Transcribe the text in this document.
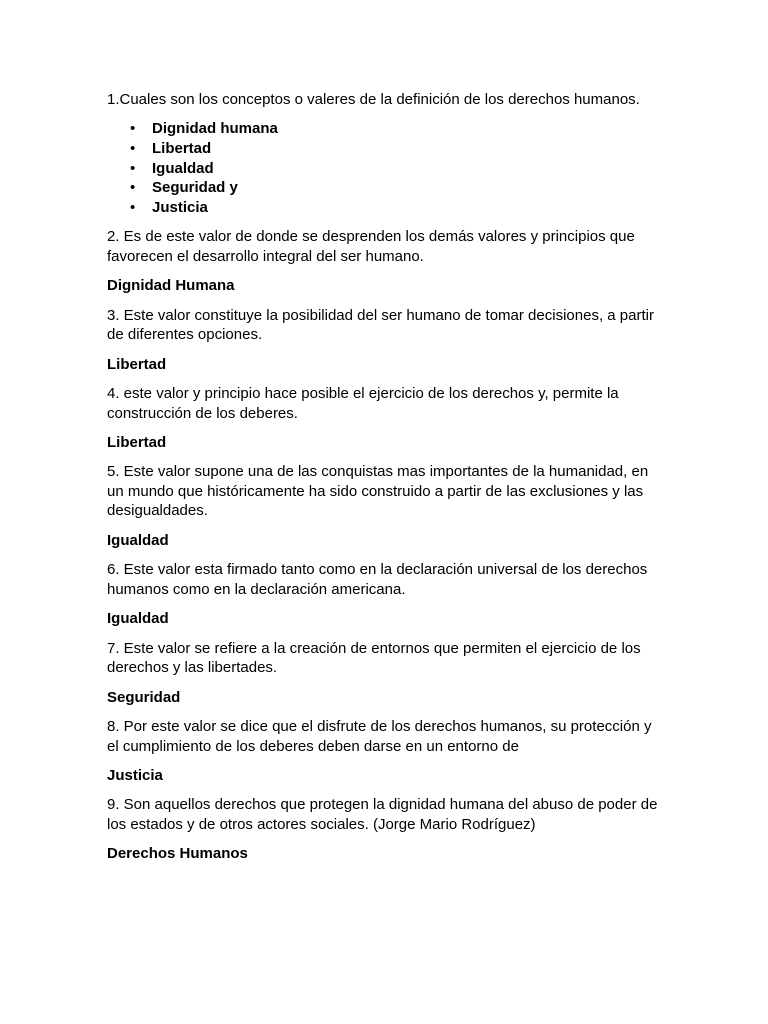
1.Cuales son los conceptos o valeres de la definición de los derechos humanos.

• Dignidad humana
• Libertad
• Igualdad
• Seguridad y
• Justicia

2. Es de este valor de donde se desprenden los demás valores y principios que favorecen el desarrollo integral del ser humano.

Dignidad Humana

3. Este valor constituye la posibilidad del ser humano de tomar decisiones, a partir de diferentes opciones.

Libertad

4. este valor y principio hace posible el ejercicio de los derechos y, permite la construcción de los deberes.

Libertad

5. Este valor supone una de las conquistas mas importantes de la humanidad, en un mundo que históricamente ha sido construido a partir de las exclusiones y las desigualdades.

Igualdad

6. Este valor esta firmado tanto como en la declaración universal de los derechos humanos como en la declaración americana.

Igualdad

7. Este valor se refiere a la creación de entornos que permiten el ejercicio de los derechos y las libertades.

Seguridad

8. Por este valor se dice que el disfrute de los derechos humanos, su protección y el cumplimiento de los deberes deben darse en un entorno de

Justicia

9. Son aquellos derechos que protegen la dignidad humana del abuso de poder de los estados y de otros actores sociales. (Jorge Mario Rodríguez)

Derechos Humanos
